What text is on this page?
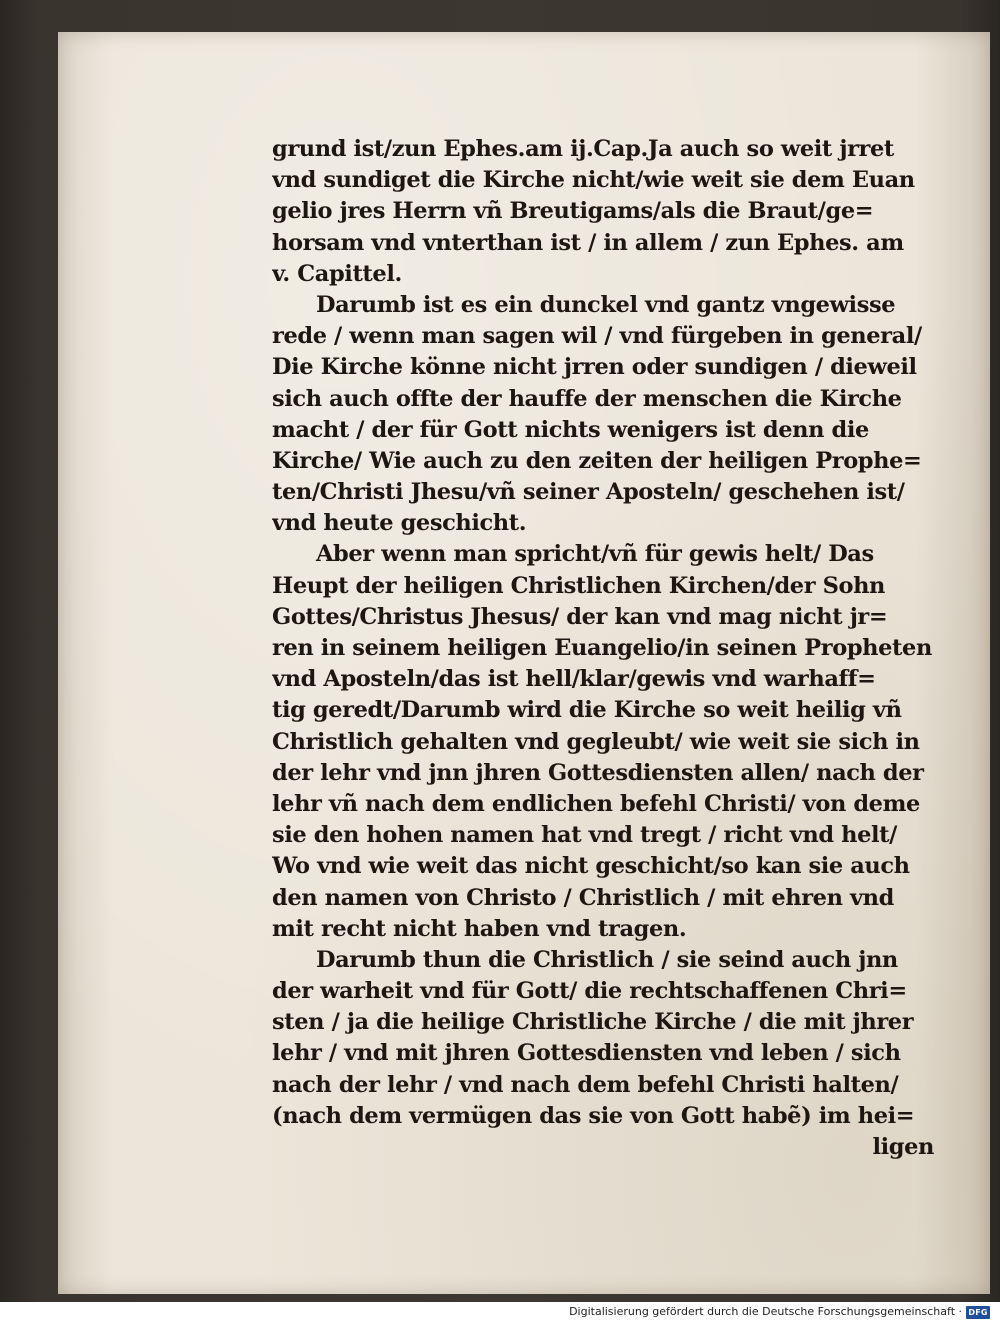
grund ist/zun Ephes.am ij.Cap.Ja auch so weit jrret
vnd sundiget die Kirche nicht/wie weit sie dem Euan
gelio jres Herrn vñ Breutigams/als die Braut/ge=
horsam vnd vnterthan ist / in allem / zun Ephes. am
v. Capittel.
Darumb ist es ein dunckel vnd gantz vngewisse
rede / wenn man sagen wil / vnd fürgeben in general/
Die Kirche könne nicht jrren oder sundigen / dieweil
sich auch offte der hauffe der menschen die Kirche
macht / der für Gott nichts wenigers ist denn die
Kirche/ Wie auch zu den zeiten der heiligen Prophe=
ten/Christi Jhesu/vñ seiner Aposteln/ geschehen ist/
vnd heute geschicht.
Aber wenn man spricht/vñ für gewis helt/ Das
Heupt der heiligen Christlichen Kirchen/der Sohn
Gottes/Christus Jhesus/ der kan vnd mag nicht jr=
ren in seinem heiligen Euangelio/in seinen Propheten
vnd Aposteln/das ist hell/klar/gewis vnd warhaff=
tig geredt/Darumb wird die Kirche so weit heilig vñ
Christlich gehalten vnd gegleubt/ wie weit sie sich in
der lehr vnd jnn jhren Gottesdiensten allen/ nach der
lehr vñ nach dem endlichen befehl Christi/ von deme
sie den hohen namen hat vnd tregt / richt vnd helt/
Wo vnd wie weit das nicht geschicht/so kan sie auch
den namen von Christo / Christlich / mit ehren vnd
mit recht nicht haben vnd tragen.
Darumb thun die Christlich / sie seind auch jnn
der warheit vnd für Gott/ die rechtschaffenen Chri=
sten / ja die heilige Christliche Kirche / die mit jhrer
lehr / vnd mit jhren Gottesdiensten vnd leben / sich
nach der lehr / vnd nach dem befehl Christi halten/
(nach dem vermügen das sie von Gott habẽ) im hei=
ligen
Digitalisierung gefördert durch die Deutsche Forschungsgemeinschaft · DFG
